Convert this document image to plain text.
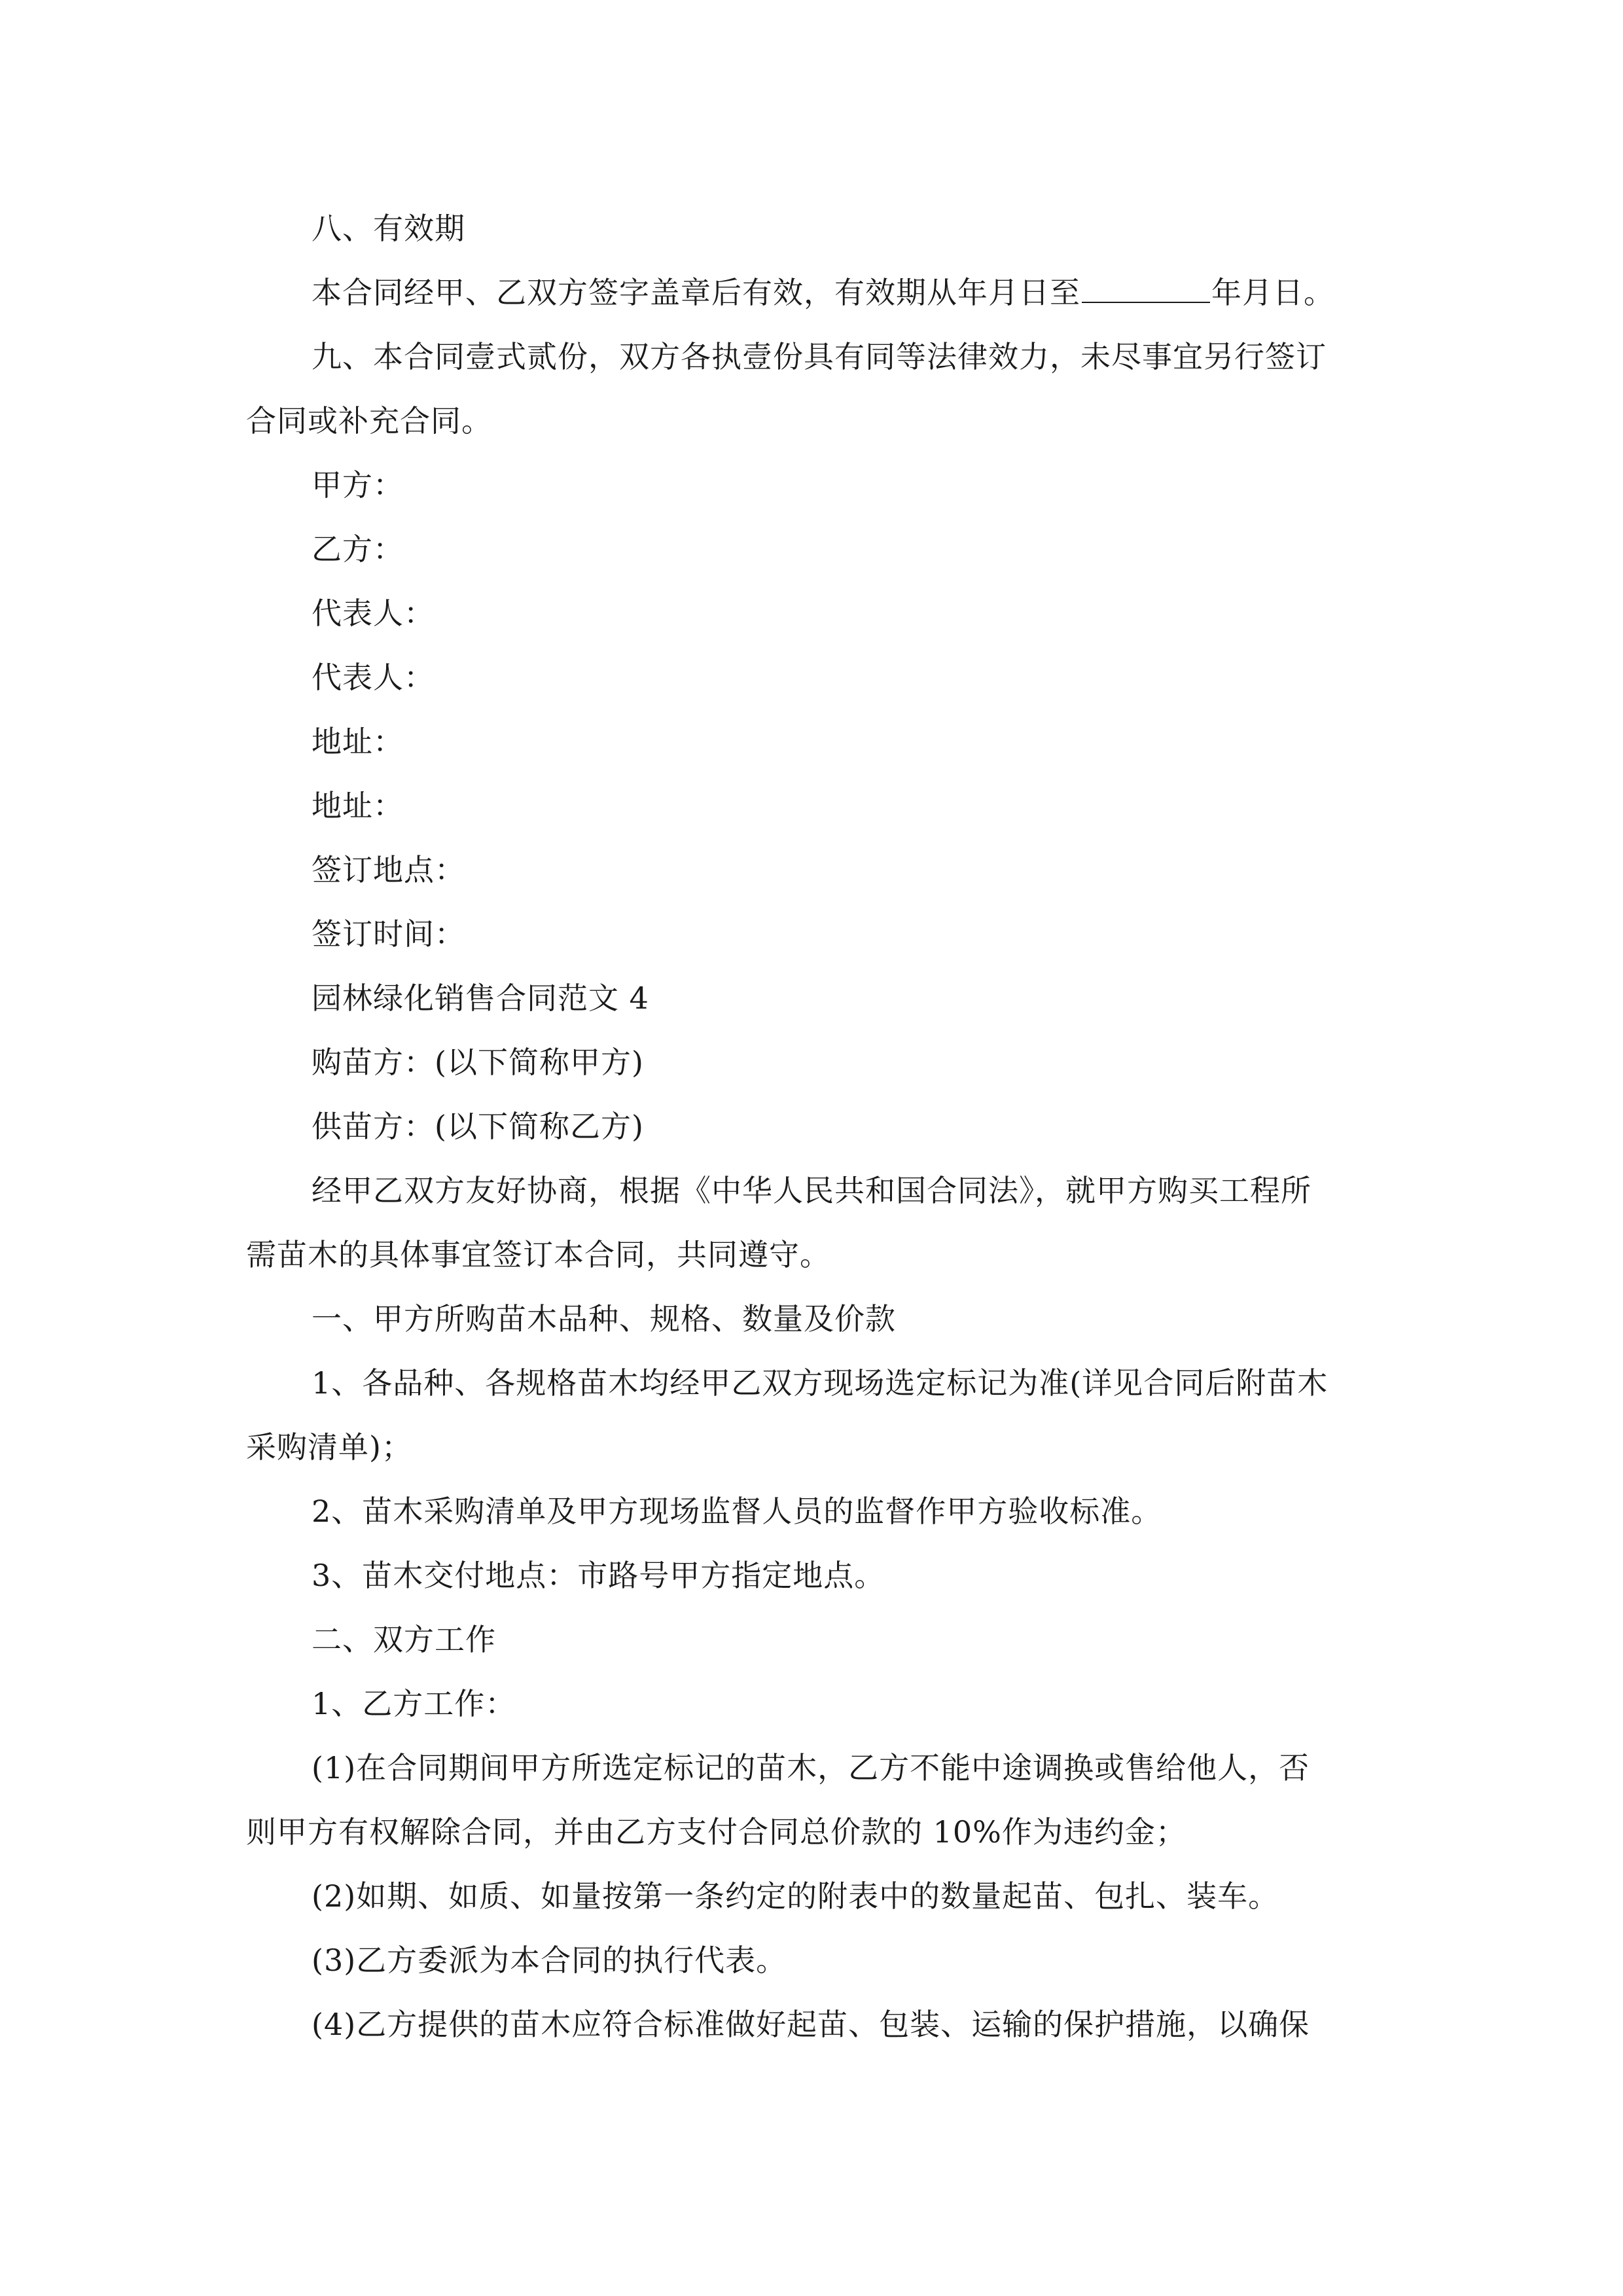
八、有效期
本合同经甲、乙双方签字盖章后有效，有效期从年月日至	年月日。
九、本合同壹式贰份，双方各执壹份具有同等法律效力，未尽事宜另行签订
合同或补充合同。
甲方：
乙方：
代表人：
代表人：
地址：
地址：
签订地点：
签订时间：
园林绿化销售合同范文 4
购苗方：(以下简称甲方)
供苗方：(以下简称乙方)
经甲乙双方友好协商，根据《中华人民共和国合同法》，就甲方购买工程所
需苗木的具体事宜签订本合同，共同遵守。
一、甲方所购苗木品种、规格、数量及价款
1、各品种、各规格苗木均经甲乙双方现场选定标记为准(详见合同后附苗木
采购清单)；
2、苗木采购清单及甲方现场监督人员的监督作甲方验收标准。
3、苗木交付地点：市路号甲方指定地点。
二、双方工作
1、乙方工作：
(1)在合同期间甲方所选定标记的苗木，乙方不能中途调换或售给他人，否
则甲方有权解除合同，并由乙方支付合同总价款的 10%作为违约金；
(2)如期、如质、如量按第一条约定的附表中的数量起苗、包扎、装车。
(3)乙方委派为本合同的执行代表。
(4)乙方提供的苗木应符合标准做好起苗、包装、运输的保护措施，以确保
